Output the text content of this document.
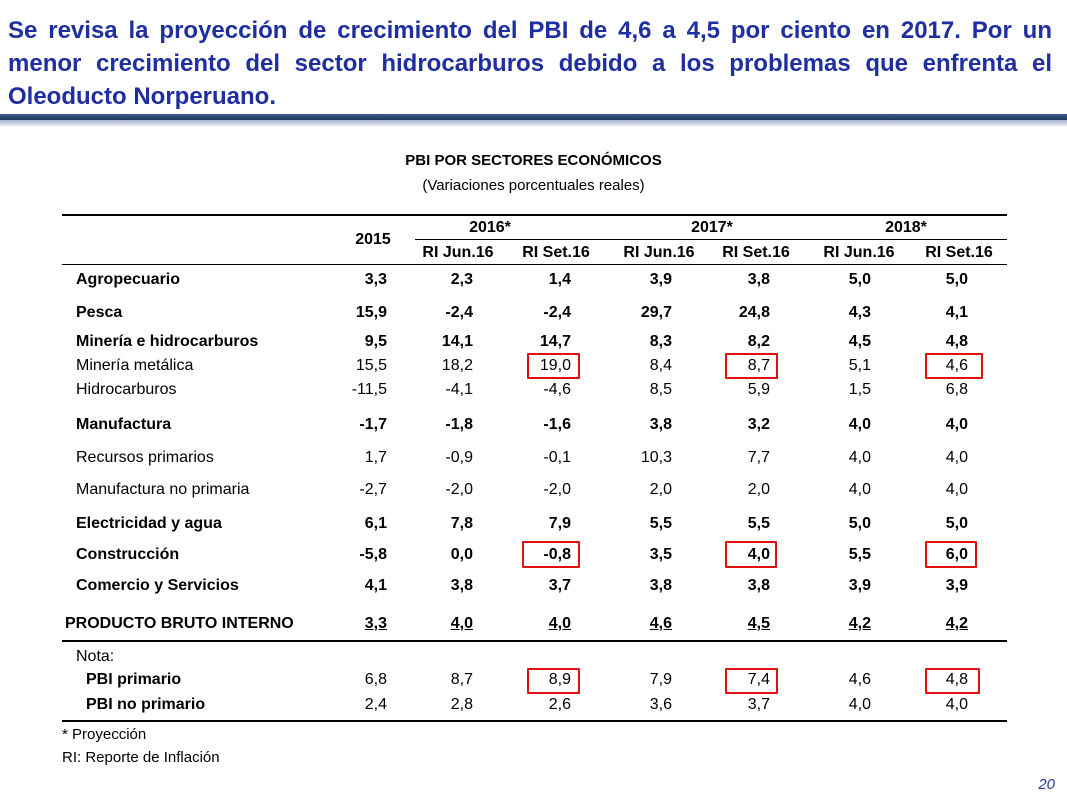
Se revisa la proyección de crecimiento del PBI de 4,6 a 4,5 por ciento en 2017. Por un menor crecimiento del sector hidrocarburos debido a los problemas que enfrenta el Oleoducto Norperuano.
PBI POR SECTORES ECONÓMICOS
(Variaciones porcentuales reales)
2015
2016*	2017*	2018*
RI Jun.16	RI Set.16	RI Jun.16	RI Set.16	RI Jun.16	RI Set.16
Agropecuario	3,3	2,3	1,4	3,9	3,8	5,0	5,0
Pesca	15,9	-2,4	-2,4	29,7	24,8	4,3	4,1
Minería e hidrocarburos	9,5	14,1	14,7	8,3	8,2	4,5	4,8
Minería metálica	15,5	18,2	19,0	8,4	8,7	5,1	4,6
Hidrocarburos	-11,5	-4,1	-4,6	8,5	5,9	1,5	6,8
Manufactura	-1,7	-1,8	-1,6	3,8	3,2	4,0	4,0
Recursos primarios	1,7	-0,9	-0,1	10,3	7,7	4,0	4,0
Manufactura no primaria	-2,7	-2,0	-2,0	2,0	2,0	4,0	4,0
Electricidad y agua	6,1	7,8	7,9	5,5	5,5	5,0	5,0
Construcción	-5,8	0,0	-0,8	3,5	4,0	5,5	6,0
Comercio y Servicios	4,1	3,8	3,7	3,8	3,8	3,9	3,9
PRODUCTO BRUTO INTERNO	3,3	4,0	4,0	4,6	4,5	4,2	4,2
Nota:
PBI primario	6,8	8,7	8,9	7,9	7,4	4,6	4,8
PBI no primario	2,4	2,8	2,6	3,6	3,7	4,0	4,0
* Proyección
RI: Reporte de Inflación
20
